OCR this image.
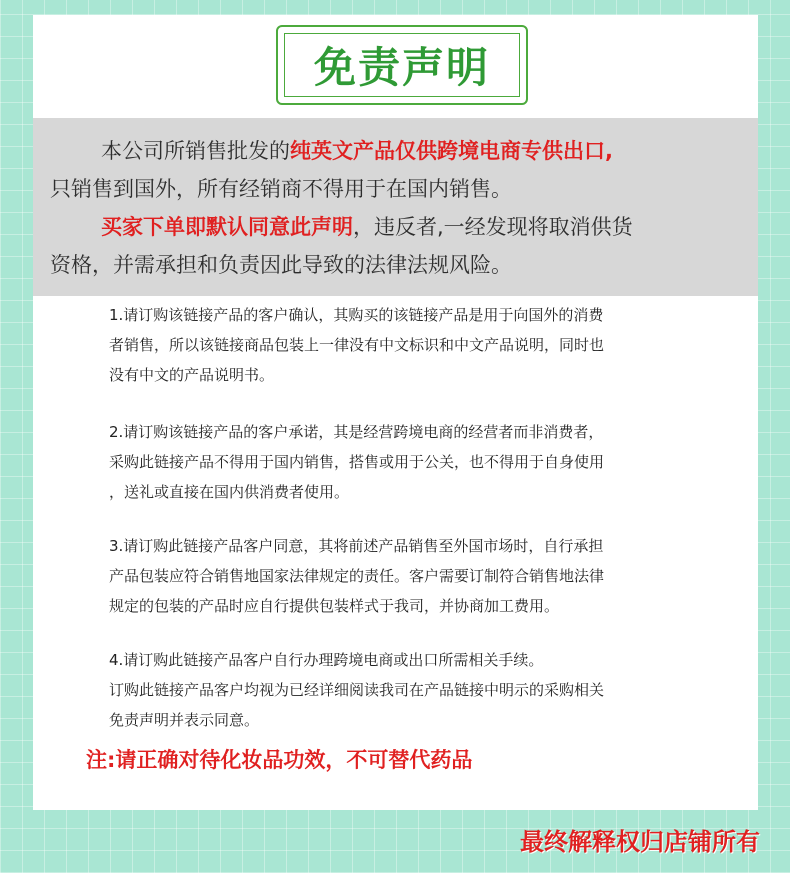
免责声明
本公司所销售批发的纯英文产品仅供跨境电商专供出口,
只销售到国外，所有经销商不得用于在国内销售。
买家下单即默认同意此声明，违反者,一经发现将取消供货
资格，并需承担和负责因此导致的法律法规风险。
1.请订购该链接产品的客户确认，其购买的该链接产品是用于向国外的消费
者销售，所以该链接商品包装上一律没有中文标识和中文产品说明，同时也
没有中文的产品说明书。
2.请订购该链接产品的客户承诺，其是经营跨境电商的经营者而非消费者，
采购此链接产品不得用于国内销售，搭售或用于公关，也不得用于自身使用
，送礼或直接在国内供消费者使用。
3.请订购此链接产品客户同意，其将前述产品销售至外国市场时，自行承担
产品包装应符合销售地国家法律规定的责任。客户需要订制符合销售地法律
规定的包装的产品时应自行提供包装样式于我司，并协商加工费用。
4.请订购此链接产品客户自行办理跨境电商或出口所需相关手续。
订购此链接产品客户均视为已经详细阅读我司在产品链接中明示的采购相关
免责声明并表示同意。
注:请正确对待化妆品功效，不可替代药品
最终解释权归店铺所有
